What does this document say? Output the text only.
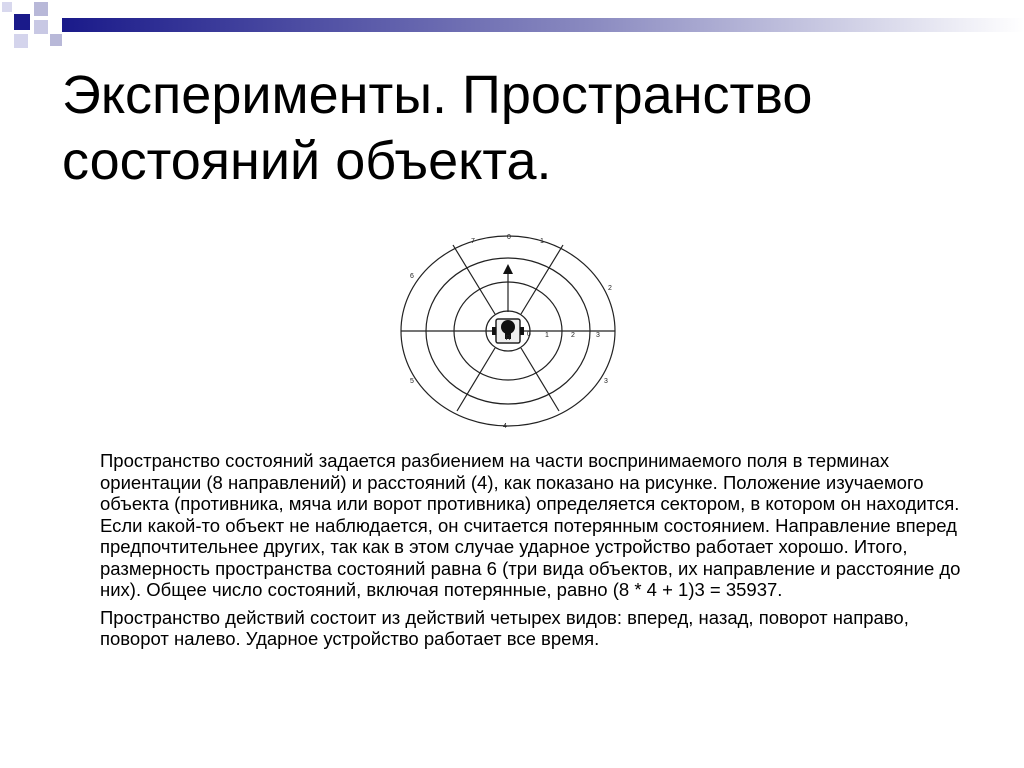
Эксперименты. Пространство
состояний объекта.
R
0
1
2
3
4
5
6
7
0 1	2	3

Пространство состояний задается разбиением на части воспринимаемого поля в терминах ориентации (8 направлений) и расстояний (4), как показано на рисунке. Положение изучаемого объекта (противника, мяча или ворот противника) определяется сектором, в котором он находится. Если какой-то объект не наблюдается, он считается потерянным состоянием. Направление вперед предпочтительнее других, так как в этом случае ударное устройство работает хорошо. Итого, размерность пространства состояний равна 6 (три вида объектов, их направление и расстояние до них). Общее число состояний, включая потерянные, равно (8 * 4 + 1)3 = 35937.

Пространство действий состоит из действий четырех видов: вперед, назад, поворот направо, поворот налево. Ударное устройство работает все время.
